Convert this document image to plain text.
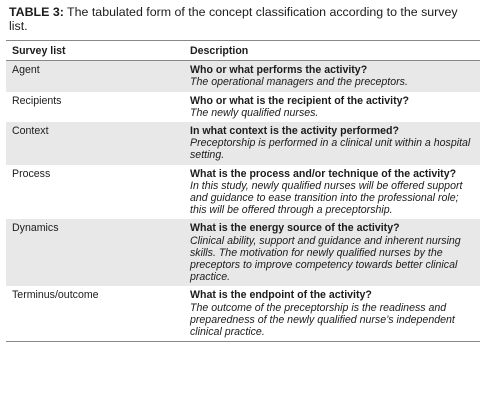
TABLE 3: The tabulated form of the concept classification according to the survey list.

Survey list	Description
Agent	Who or what performs the activity?
The operational managers and the preceptors.

Recipients	Who or what is the recipient of the activity?
The newly qualified nurses.

Context	In what context is the activity performed?
Preceptorship is performed in a clinical unit within a hospital setting.

Process	What is the process and/or technique of the activity?
In this study, newly qualified nurses will be offered support and guidance to ease transition into the professional role; this will be offered through a preceptorship.

Dynamics	What is the energy source of the activity?
Clinical ability, support and guidance and inherent nursing skills. The motivation for newly qualified nurses by the preceptors to improve competency towards better clinical practice.

Terminus/outcome	What is the endpoint of the activity?
The outcome of the preceptorship is the readiness and preparedness of the newly qualified nurse’s independent clinical practice.
